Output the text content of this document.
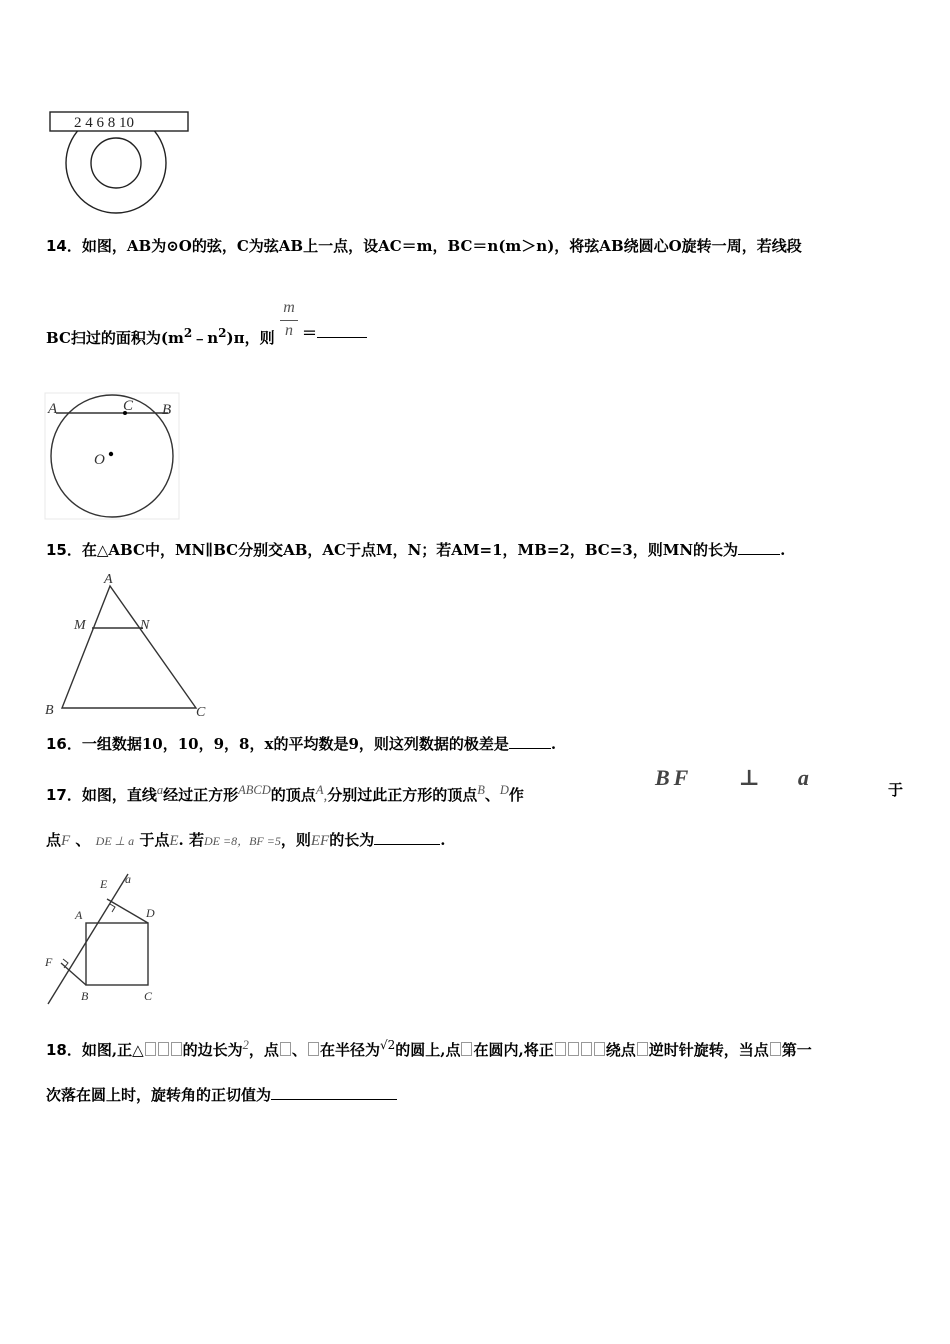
2 4 6 8 10
14．如图，AB为⊙O的弦，C为弦AB上一点，设AC＝m，BC＝n(m＞n)，将弦AB绕圆心O旋转一周，若线段
BC扫过的面积为$(m^2﹣n^2)\pi$，则
m
n ＝
A	C B
O
15．在△ABC中，MN∥BC分别交AB，AC于点M，N；若AM=1，MB=2，BC=3，则MN的长为	.
A
M	N
B	C
16．一组数据10，10，9，8，x的平均数是9，则这列数据的极差是	.
17．如图，直线$^a$经过正方形$^{ABCD}$的顶点$^A$,分别过此正方形的顶点$^B$、$^D$作
BF ⊥ a	于
点F 、 DE ⊥ a 于点E. 若DE =8，BF =5，则EF的长为	.
E a
A	D
F
B	C
18．如图,正△	的边长为$^2$，点 、 在半径为$^{√2}$的圆上,点 在圆内,将正	绕点 逆时针旋转，当点 第一
次落在圆上时，旋转角的正切值为
